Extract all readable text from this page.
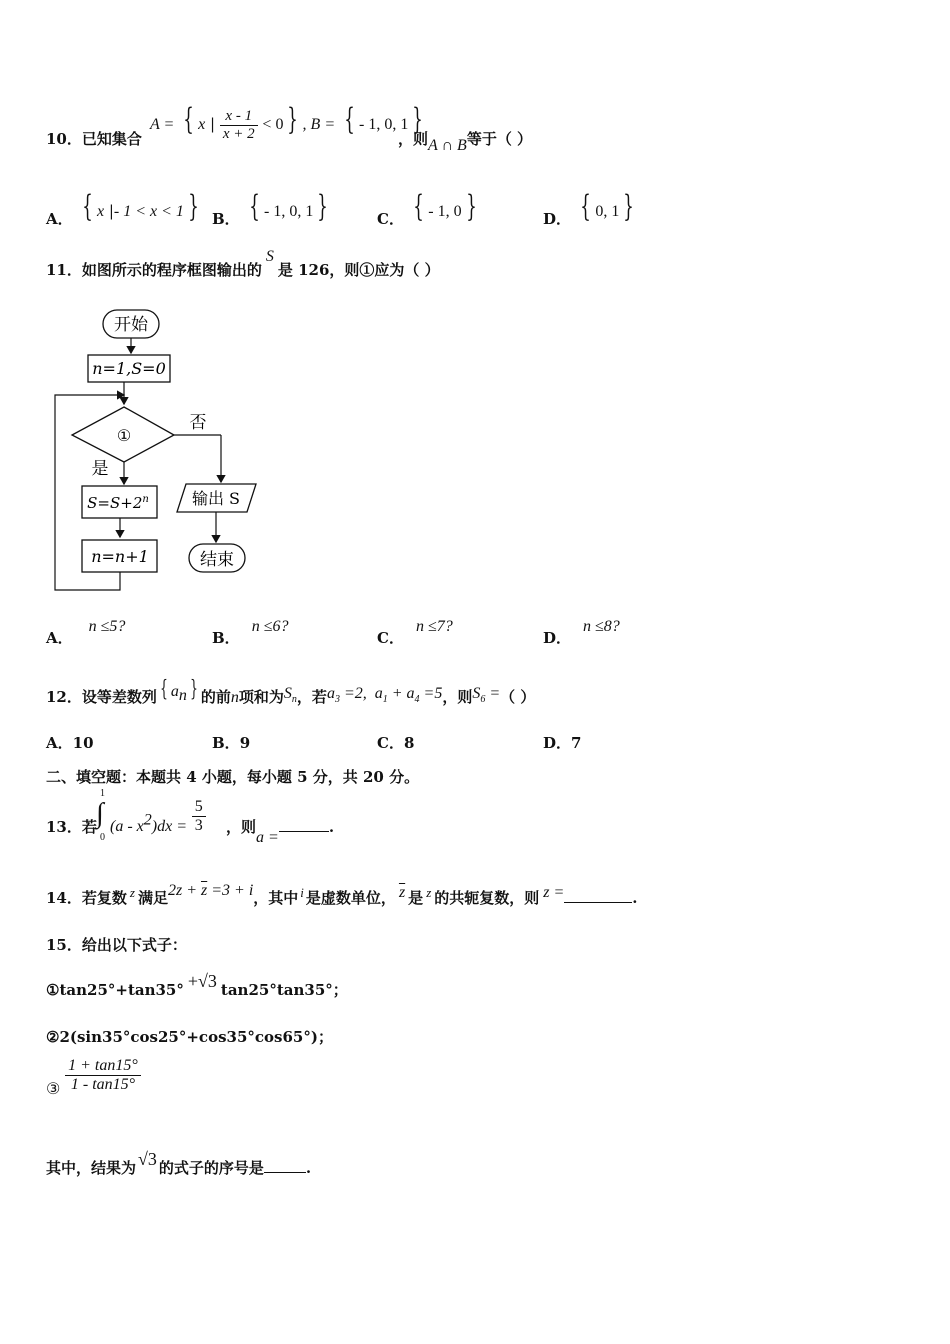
10．已知集合
A = { x | $\frac{x - 1}{x + 2} < 0$ } , B = { - 1, 0, 1 }
，则A ∩ B等于（ ）
A． { x |- 1 < x < 1 } B． { - 1, 0, 1 }	C． { - 1, 0 }	D． { 0, 1 }
11．如图所示的程序框图输出的S是 126，则①应为（ ）
开始
n=1,S=0
①
否
输出 S
结束
是
$S=S+2^n$
n=n+1
A．n ≤5?
B．n ≤6?
C．n ≤7?
D．n ≤8?
12．设等差数列 { $a_n$ } 的前n项和为$S_n$，若$a_3 =2$, $a_1 + a_4 =5$，则$S_6$ =（ ）
A．10	B．9	C．8	D．7
二、填空题：本题共 4 小题，每小题 5 分，共 20 分。
13．若
1
∫
0
$(a - x^2)dx = \frac{5}{3}$ ，则a =.
14．若复数 z 满足$2z + \overline{z} =3 + i$，其中 i 是虚数单位， $\overline{z}$ 是 z 的共轭复数，则 z =	.
15．给出以下式子：
①tan25°+tan35° +√3 tan25°tan35°；
②2(sin35°cos25°+cos35°cos65°)；
③ $\frac{1 + \tan 15^\circ}{1 - \tan 15^\circ}$
其中，结果为 √3 的式子的序号是	.
